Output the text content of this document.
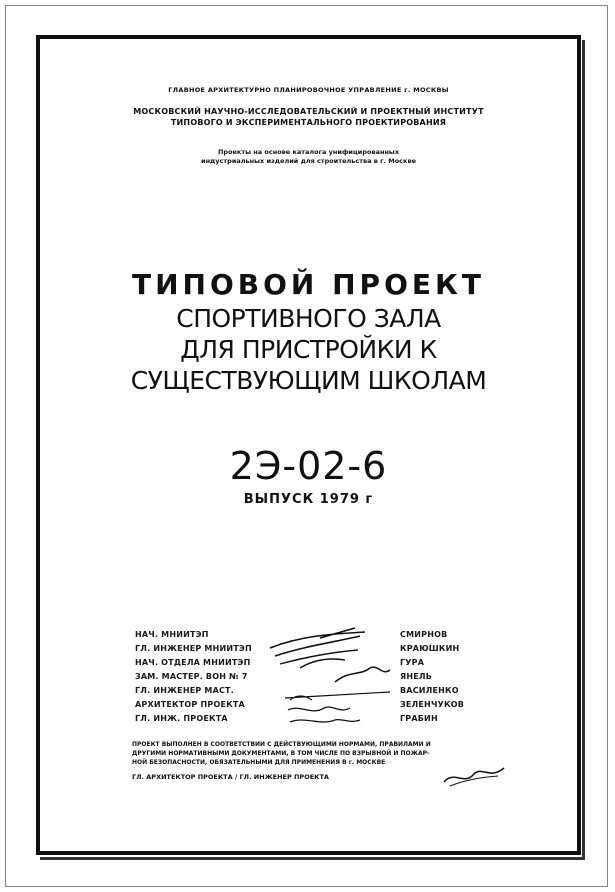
ГЛАВНОЕ АРХИТЕКТУРНО ПЛАНИРОВОЧНОЕ УПРАВЛЕНИЕ г. МОСКВЫ
МОСКОВСКИЙ НАУЧНО-ИССЛЕДОВАТЕЛЬСКИЙ И ПРОЕКТНЫЙ ИНСТИТУТ
ТИПОВОГО И ЭКСПЕРИМЕНТАЛЬНОГО ПРОЕКТИРОВАНИЯ
Проекты на основе каталога унифицированных
индустриальных изделий для строительства в г. Москве
ТИПОВОЙ ПРОЕКТ
СПОРТИВНОГО ЗАЛА
ДЛЯ ПРИСТРОЙКИ К
СУЩЕСТВУЮЩИМ ШКОЛАМ
2Э-02-6
ВЫПУСК 1979 г
НАЧ. МНИИТЭП	СМИРНОВ
ГЛ. ИНЖЕНЕР МНИИТЭП	КРАЮШКИН
НАЧ. ОТДЕЛА МНИИТЭП	ГУРА
ЗАМ. МАСТЕР. ВОН № 7	ЯНЕЛЬ
ГЛ. ИНЖЕНЕР МАСТ.	ВАСИЛЕНКО
АРХИТЕКТОР ПРОЕКТА	ЗЕЛЕНЧУКОВ
ГЛ. ИНЖ. ПРОЕКТА	ГРАБИН
ПРОЕКТ ВЫПОЛНЕН В СООТВЕТСТВИИ С ДЕЙСТВУЮЩИМИ НОРМАМИ, ПРАВИЛАМИ И
ДРУГИМИ НОРМАТИВНЫМИ ДОКУМЕНТАМИ, В ТОМ ЧИСЛЕ ПО ВЗРЫВНОЙ И ПОЖАР-
НОЙ БЕЗОПАСНОСТИ, ОБЯЗАТЕЛЬНЫМИ ДЛЯ ПРИМЕНЕНИЯ В г. МОСКВЕ
ГЛ. АРХИТЕКТОР ПРОЕКТА / ГЛ. ИНЖЕНЕР ПРОЕКТА
